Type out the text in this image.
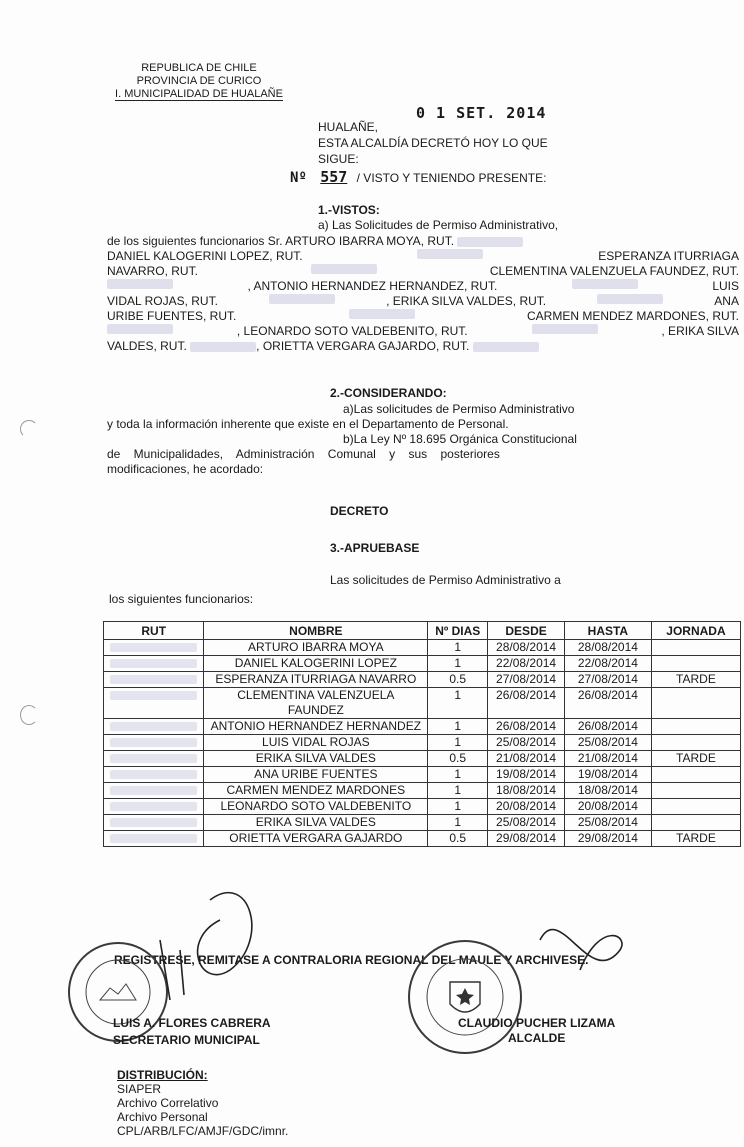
REPUBLICA DE CHILE
PROVINCIA DE CURICO
I. MUNICIPALIDAD DE HUALAÑE
0 1 SET. 2014
HUALAÑE,
ESTA ALCALDÍA DECRETÓ HOY LO QUE
SIGUE:
Nº 557 / VISTO Y TENIENDO PRESENTE:
1.-VISTOS:
a) Las Solicitudes de Permiso Administrativo,
de los siguientes funcionarios Sr. ARTURO IBARRA MOYA, RUT.
DANIEL KALOGERINI LOPEZ, RUT.	ESPERANZA ITURRIAGA
NAVARRO, RUT.	CLEMENTINA VALENZUELA FAUNDEZ, RUT.
, ANTONIO HERNANDEZ HERNANDEZ, RUT.	LUIS
VIDAL ROJAS, RUT.	, ERIKA SILVA VALDES, RUT.	ANA
URIBE FUENTES, RUT.	CARMEN MENDEZ MARDONES, RUT.
, LEONARDO SOTO VALDEBENITO, RUT.	, ERIKA SILVA
VALDES, RUT.	, ORIETTA VERGARA GAJARDO, RUT.
2.-CONSIDERANDO:
a)Las solicitudes de Permiso Administrativo
y toda la información inherente que existe en el Departamento de Personal.
b)La Ley Nº 18.695 Orgánica Constitucional
de    Municipalidades,    Administración    Comunal    y    sus    posteriores
modificaciones, he acordado:
DECRETO
3.-APRUEBASE
Las solicitudes de Permiso Administrativo a
los siguientes funcionarios:
RUT	NOMBRE	Nº DIAS	DESDE	HASTA	JORNADA

	ARTURO IBARRA MOYA	1	28/08/2014	28/08/2014	

	DANIEL KALOGERINI LOPEZ	1	22/08/2014	22/08/2014	

	ESPERANZA ITURRIAGA NAVARRO	0.5	27/08/2014	27/08/2014	TARDE

	CLEMENTINA VALENZUELA FAUNDEZ	1	26/08/2014	26/08/2014	

	ANTONIO HERNANDEZ HERNANDEZ	1	26/08/2014	26/08/2014	

	LUIS VIDAL ROJAS	1	25/08/2014	25/08/2014	

	ERIKA SILVA VALDES	0.5	21/08/2014	21/08/2014	TARDE

	ANA URIBE FUENTES	1	19/08/2014	19/08/2014	

	CARMEN MENDEZ MARDONES	1	18/08/2014	18/08/2014	

	LEONARDO SOTO VALDEBENITO	1	20/08/2014	20/08/2014	

	ERIKA SILVA VALDES	1	25/08/2014	25/08/2014	

	ORIETTA VERGARA GAJARDO	0.5	29/08/2014	29/08/2014	TARDE
REGISTRESE, REMITASE A CONTRALORIA REGIONAL DEL MAULE Y ARCHIVESE.
LUIS A. FLORES CABRERA
SECRETARIO MUNICIPAL
CLAUDIO PUCHER LIZAMA
ALCALDE
DISTRIBUCIÓN:
SIAPER
Archivo Correlativo
Archivo Personal
CPL/ARB/LFC/AMJF/GDC/imnr.
